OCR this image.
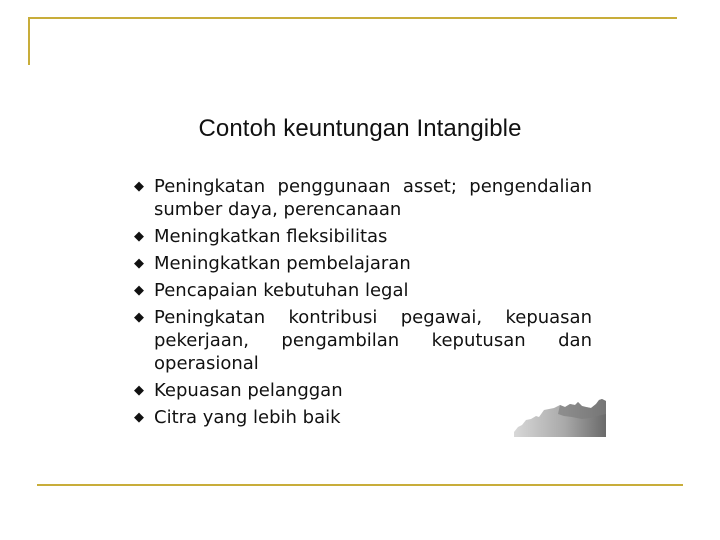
Contoh keuntungan Intangible
◆ Peningkatan penggunaan asset; pengendalian sumber daya, perencanaan
◆ Meningkatkan fleksibilitas
◆ Meningkatkan pembelajaran
◆ Pencapaian kebutuhan legal
◆ Peningkatan kontribusi pegawai, kepuasan pekerjaan, pengambilan keputusan dan operasional
◆ Kepuasan pelanggan
◆ Citra yang lebih baik
